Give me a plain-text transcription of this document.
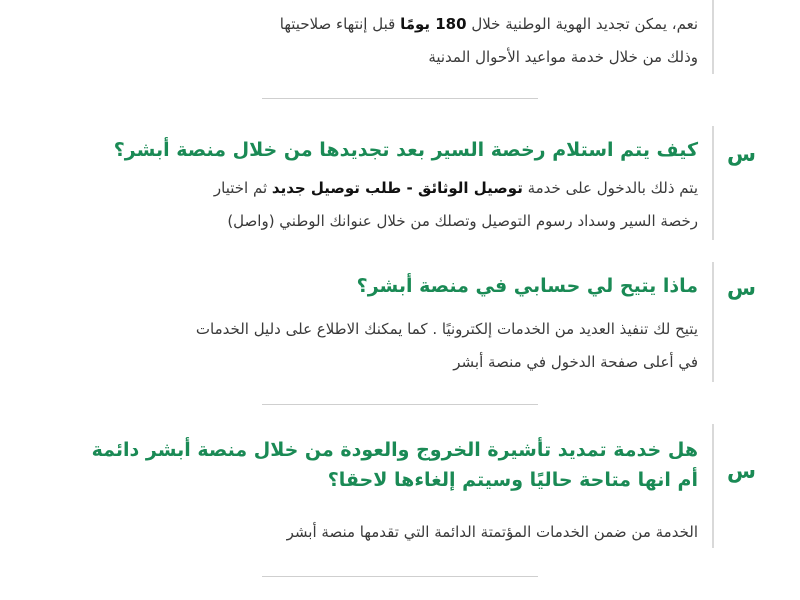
نعم، يمكن تجديد الهوية الوطنية خلال 180 يومًا قبل إنتهاء صلاحيتها
وذلك من خلال خدمة مواعيد الأحوال المدنية
س
كيف يتم استلام رخصة السير بعد تجديدها من خلال منصة أبشر؟
يتم ذلك بالدخول على خدمة توصيل الوثائق - طلب توصيل جديد ثم اختيار
رخصة السير وسداد رسوم التوصيل وتصلك من خلال عنوانك الوطني (واصل)
س
ماذا يتيح لي حسابي في منصة أبشر؟
يتيح لك تنفيذ العديد من الخدمات إلكترونيًا . كما يمكنك الاطلاع على دليل الخدمات
في أعلى صفحة الدخول في منصة أبشر
س
هل خدمة تمديد تأشيرة الخروج والعودة من خلال منصة أبشر دائمة
أم انها متاحة حاليًا وسيتم إلغاءها لاحقا؟
الخدمة من ضمن الخدمات المؤتمتة الدائمة التي تقدمها منصة أبشر
